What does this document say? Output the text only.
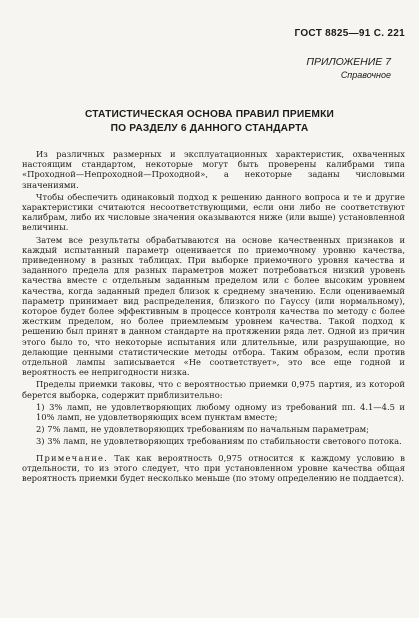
ГОСТ 8825—91 С. 221
ПРИЛОЖЕНИЕ 7
Справочное
СТАТИСТИЧЕСКАЯ ОСНОВА ПРАВИЛ ПРИЕМКИ
ПО РАЗДЕЛУ 6 ДАННОГО СТАНДАРТА

Из различных размерных и эксплуатационных характеристик, охваченных настоящим стандартом, некоторые могут быть проверены калибрами типа «Проходной—Непроходной—Проходной», а некоторые заданы числовыми значениями.

Чтобы обеспечить одинаковый подход к решению данного вопроса и те и другие характеристики считаются несоответствующими, если они либо не соответствуют калибрам, либо их числовые значения оказываются ниже (или выше) установленной величины.

Затем все результаты обрабатываются на основе качественных признаков и каждый испытанный параметр оценивается по приемочному уровню качества, приведенному в разных таблицах. При выборке приемочного уровня качества и заданного предела для разных параметров может потребоваться низкий уровень качества вместе с отдельным заданным пределом или с более высоким уровнем качества, когда заданный предел близок к среднему значению. Если оцениваемый параметр принимает вид распределения, близкого по Гауссу (или нормальному), которое будет более эффективным в процессе контроля качества по методу с более жестким пределом, но более приемлемым уровнем качества. Такой подход к решению был принят в данном стандарте на протяжении ряда лет. Одной из причин этого было то, что некоторые испытания или длительные, или разрушающие, но делающие ценными статистические методы отбора. Таким образом, если против отдельной лампы записывается «Не соответствует», это все еще годной и вероятность ее непригодности низка.

Пределы приемки таковы, что с вероятностью приемки 0,975 партия, из которой берется выборка, содержит приблизительно:

1) 3% ламп, не удовлетворяющих любому одному из требований пп. 4.1—4.5 и 10% ламп, не удовлетворяющих всем пунктам вместе;

2) 7% ламп, не удовлетворяющих требованиям по начальным параметрам;

3) 3% ламп, не удовлетворяющих требованиям по стабильности светового потока.

Примечание. Так как вероятность 0,975 относится к каждому условию в отдельности, то из этого следует, что при установленном уровне качества общая вероятность приемки будет несколько меньше (по этому определению не поддается).
